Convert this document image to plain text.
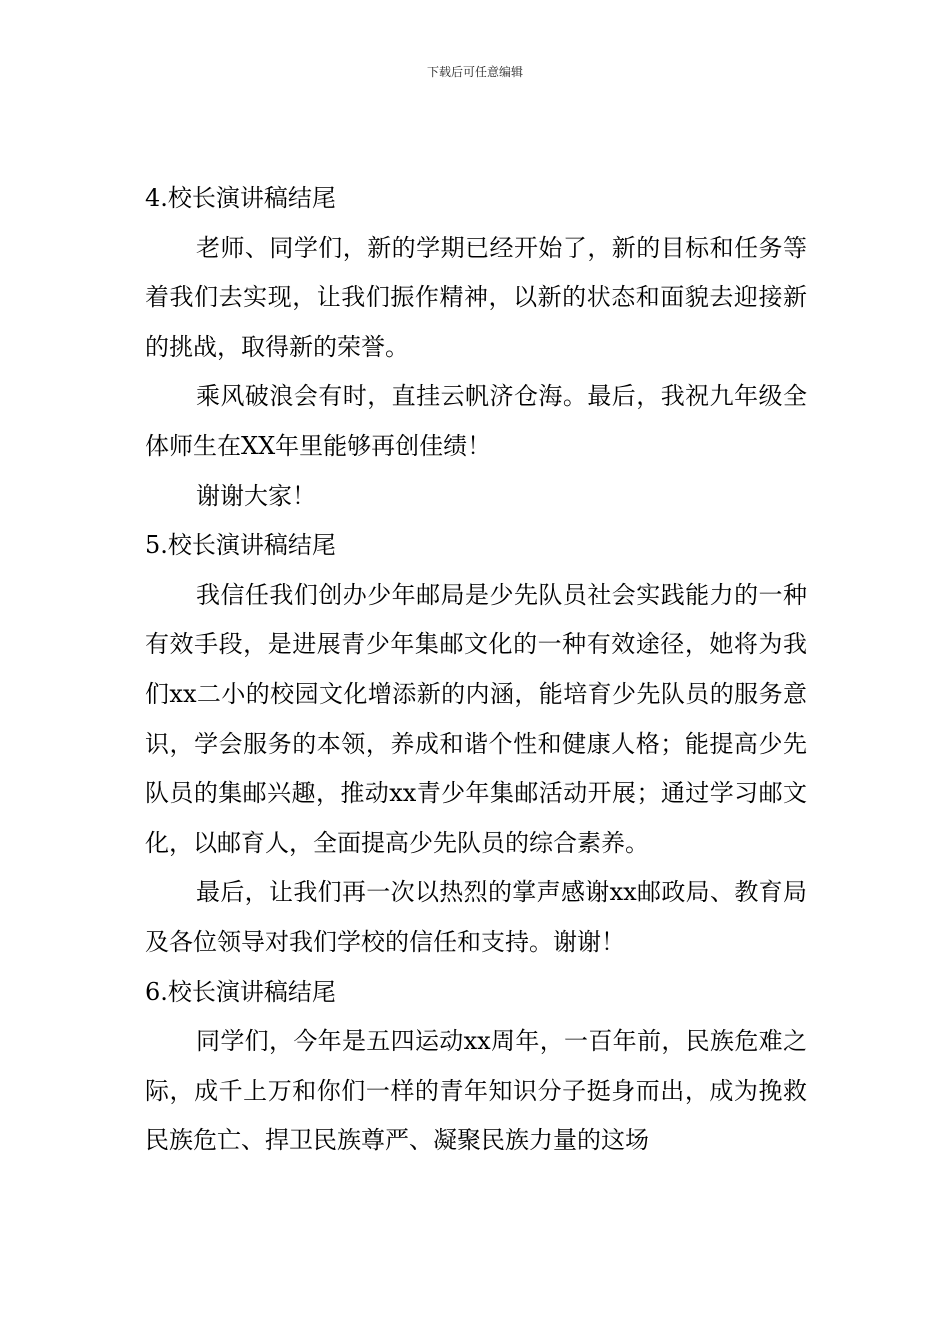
下载后可任意编辑
4.校长演讲稿结尾

老师、同学们，新的学期已经开始了，新的目标和任务等着我们去实现，让我们振作精神，以新的状态和面貌去迎接新的挑战，取得新的荣誉。

乘风破浪会有时，直挂云帆济仓海。最后，我祝九年级全体师生在XX年里能够再创佳绩！

谢谢大家！

5.校长演讲稿结尾

我信任我们创办少年邮局是少先队员社会实践能力的一种有效手段，是进展青少年集邮文化的一种有效途径，她将为我们xx二小的校园文化增添新的内涵，能培育少先队员的服务意识，学会服务的本领，养成和谐个性和健康人格；能提高少先队员的集邮兴趣，推动xx青少年集邮活动开展；通过学习邮文化，以邮育人，全面提高少先队员的综合素养。

最后，让我们再一次以热烈的掌声感谢xx邮政局、教育局及各位领导对我们学校的信任和支持。谢谢！

6.校长演讲稿结尾

同学们，今年是五四运动xx周年，一百年前，民族危难之际，成千上万和你们一样的青年知识分子挺身而出，成为挽救民族危亡、捍卫民族尊严、凝聚民族力量的这场
